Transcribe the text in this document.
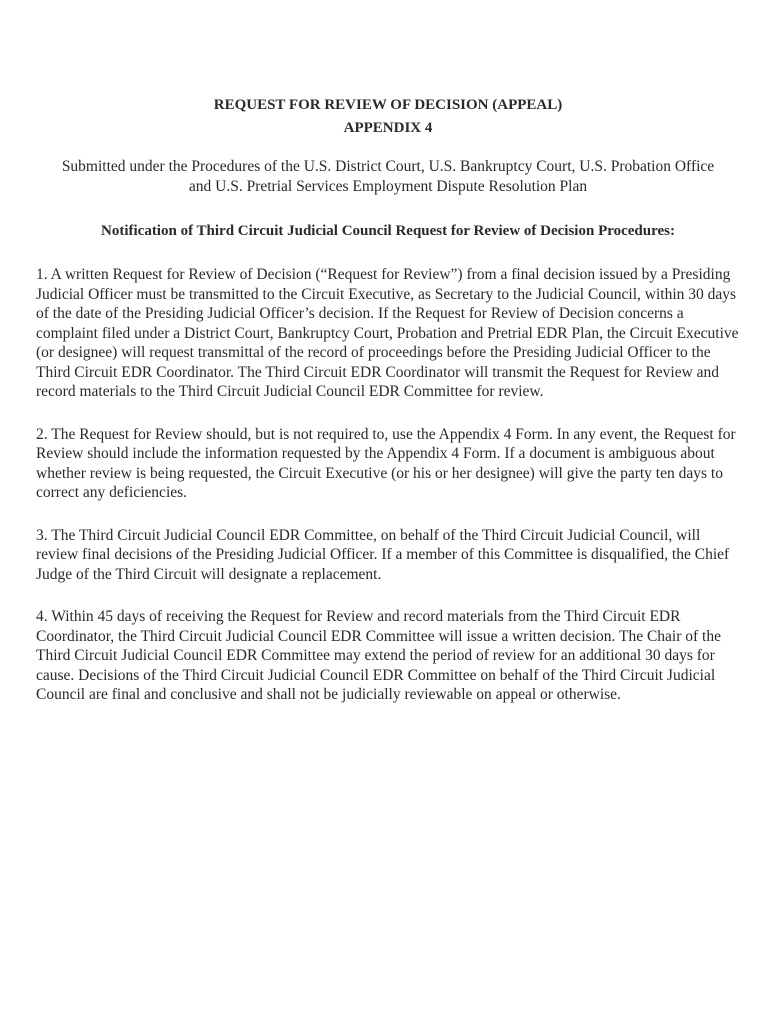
REQUEST FOR REVIEW OF DECISION (APPEAL)

APPENDIX 4

Submitted under the Procedures of the U.S. District Court, U.S. Bankruptcy Court, U.S. Probation Office
and U.S. Pretrial Services Employment Dispute Resolution Plan

Notification of Third Circuit Judicial Council Request for Review of Decision Procedures:

1. A written Request for Review of Decision (“Request for Review”) from a final decision issued by a Presiding Judicial Officer must be transmitted to the Circuit Executive, as Secretary to the Judicial Council, within 30 days of the date of the Presiding Judicial Officer’s decision. If the Request for Review of Decision concerns a complaint filed under a District Court, Bankruptcy Court, Probation and Pretrial EDR Plan, the Circuit Executive (or designee) will request transmittal of the record of proceedings before the Presiding Judicial Officer to the Third Circuit EDR Coordinator. The Third Circuit EDR Coordinator will transmit the Request for Review and record materials to the Third Circuit Judicial Council EDR Committee for review.

2. The Request for Review should, but is not required to, use the Appendix 4 Form. In any event, the Request for Review should include the information requested by the Appendix 4 Form. If a document is ambiguous about whether review is being requested, the Circuit Executive (or his or her designee) will give the party ten days to correct any deficiencies.

3. The Third Circuit Judicial Council EDR Committee, on behalf of the Third Circuit Judicial Council, will review final decisions of the Presiding Judicial Officer. If a member of this Committee is disqualified, the Chief Judge of the Third Circuit will designate a replacement.

4. Within 45 days of receiving the Request for Review and record materials from the Third Circuit EDR Coordinator, the Third Circuit Judicial Council EDR Committee will issue a written decision. The Chair of the Third Circuit Judicial Council EDR Committee may extend the period of review for an additional 30 days for cause. Decisions of the Third Circuit Judicial Council EDR Committee on behalf of the Third Circuit Judicial Council are final and conclusive and shall not be judicially reviewable on appeal or otherwise.
